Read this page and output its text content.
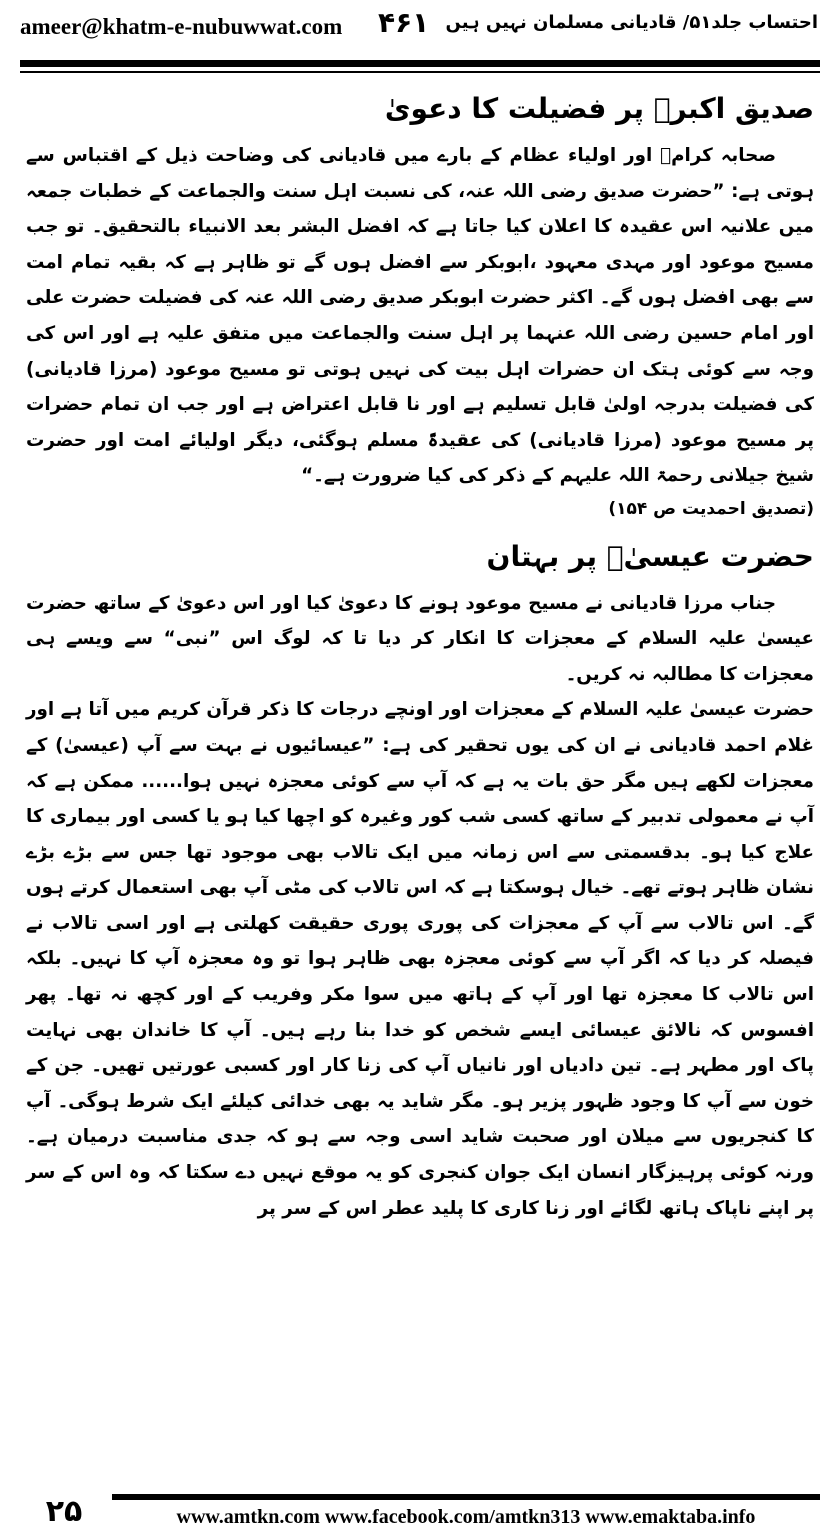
ameer@khatm-e-nubuwwat.com ۴۶۱ احتساب جلد۵۱/ قادیانی مسلمان نہیں ہیں
صدیق اکبرؓ پر فضیلت کا دعویٰ

صحابہ کرامؓ اور اولیاء عظام کے بارے میں قادیانی کی وضاحت ذیل کے اقتباس سے ہوتی ہے: ”حضرت صدیق رضی اللہ عنہ، کی نسبت اہل سنت والجماعت کے خطبات جمعہ میں علانیہ اس عقیدہ کا اعلان کیا جاتا ہے کہ افضل البشر بعد الانبیاء بالتحقیق۔ تو جب مسیح موعود اور مہدی معہود ،ابوبکر سے افضل ہوں گے تو ظاہر ہے کہ بقیہ تمام امت سے بھی افضل ہوں گے۔ اکثر حضرت ابوبکر صدیق رضی اللہ عنہ کی فضیلت حضرت علی اور امام حسین رضی اللہ عنہما پر اہل سنت والجماعت میں متفق علیہ ہے اور اس کی وجہ سے کوئی ہتک ان حضرات اہل بیت کی نہیں ہوتی تو مسیح موعود (مرزا قادیانی) کی فضیلت بدرجہ اولیٰ قابل تسلیم ہے اور نا قابل اعتراض ہے اور جب ان تمام حضرات پر مسیح موعود (مرزا قادیانی) کی عقیدۃً مسلم ہوگئی، دیگر اولیائے امت اور حضرت شیخ جیلانی رحمۃ اللہ علیہم کے ذکر کی کیا ضرورت ہے۔“

(تصدیق احمدیت ص ۱۵۴)
حضرت عیسیٰؑ پر بہتان

جناب مرزا قادیانی نے مسیح موعود ہونے کا دعویٰ کیا اور اس دعویٰ کے ساتھ حضرت عیسیٰ علیہ السلام کے معجزات کا انکار کر دیا تا کہ لوگ اس ”نبی“ سے ویسے ہی معجزات کا مطالبہ نہ کریں۔

حضرت عیسیٰ علیہ السلام کے معجزات اور اونچے درجات کا ذکر قرآن کریم میں آتا ہے اور غلام احمد قادیانی نے ان کی یوں تحقیر کی ہے: ”عیسائیوں نے بہت سے آپ (عیسیٰ) کے معجزات لکھے ہیں مگر حق بات یہ ہے کہ آپ سے کوئی معجزہ نہیں ہوا...... ممکن ہے کہ آپ نے معمولی تدبیر کے ساتھ کسی شب کور وغیرہ کو اچھا کیا ہو یا کسی اور بیماری کا علاج کیا ہو۔ بدقسمتی سے اس زمانہ میں ایک تالاب بھی موجود تھا جس سے بڑے بڑے نشان ظاہر ہوتے تھے۔ خیال ہوسکتا ہے کہ اس تالاب کی مٹی آپ بھی استعمال کرتے ہوں گے۔ اس تالاب سے آپ کے معجزات کی پوری پوری حقیقت کھلتی ہے اور اسی تالاب نے فیصلہ کر دیا کہ اگر آپ سے کوئی معجزہ بھی ظاہر ہوا تو وہ معجزہ آپ کا نہیں۔ بلکہ اس تالاب کا معجزہ تھا اور آپ کے ہاتھ میں سوا مکر وفریب کے اور کچھ نہ تھا۔ پھر افسوس کہ نالائق عیسائی ایسے شخص کو خدا بنا رہے ہیں۔ آپ کا خاندان بھی نہایت پاک اور مطہر ہے۔ تین دادیاں اور نانیاں آپ کی زنا کار اور کسبی عورتیں تھیں۔ جن کے خون سے آپ کا وجود ظہور پزیر ہو۔ مگر شاید یہ بھی خدائی کیلئے ایک شرط ہوگی۔ آپ کا کنجریوں سے میلان اور صحبت شاید اسی وجہ سے ہو کہ جدی مناسبت درمیان ہے۔ ورنہ کوئی پرہیزگار انسان ایک جوان کنجری کو یہ موقع نہیں دے سکتا کہ وہ اس کے سر پر اپنے ناپاک ہاتھ لگائے اور زنا کاری کا پلید عطر اس کے سر پر

۲۵	www.amtkn.com www.facebook.com/amtkn313 www.emaktaba.info
